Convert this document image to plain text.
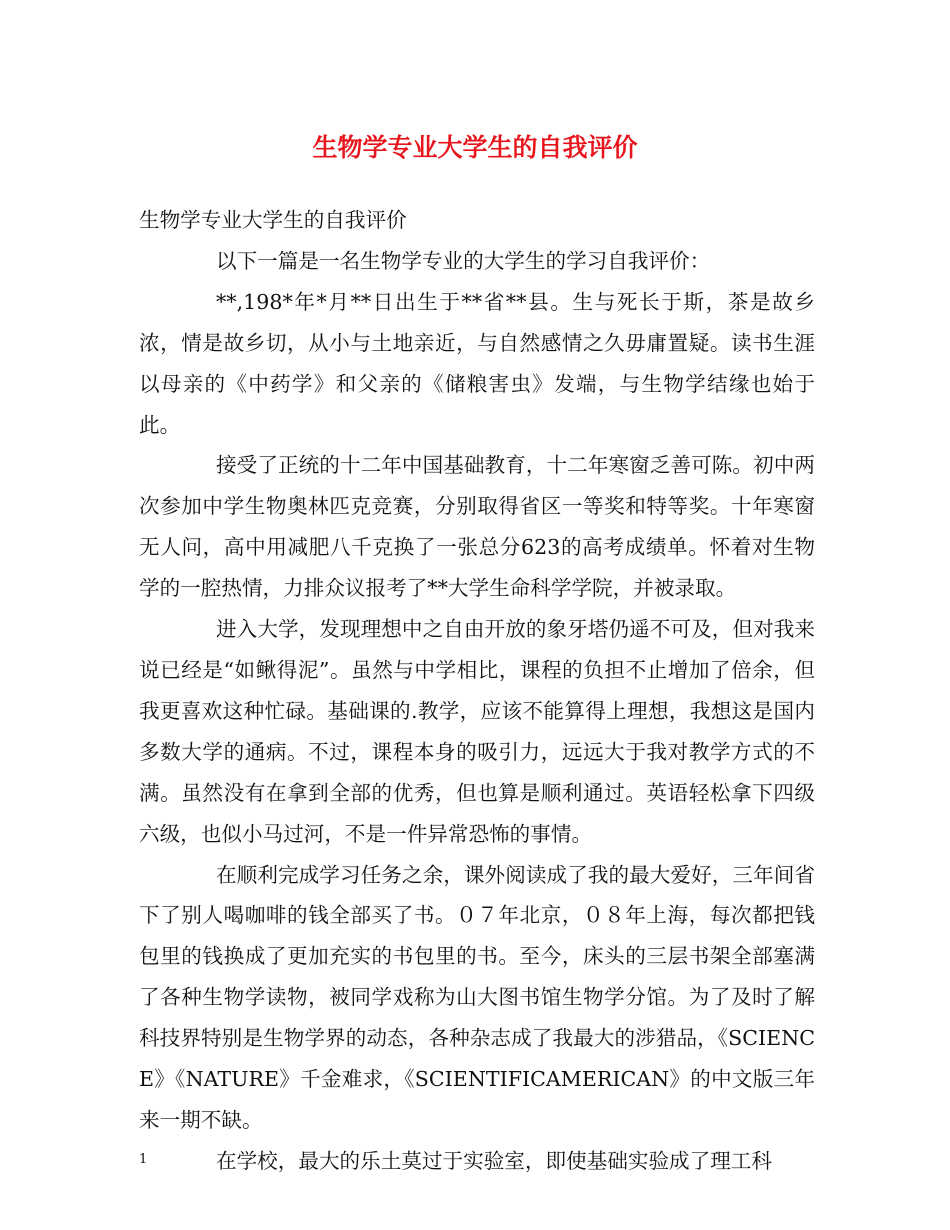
生物学专业大学生的自我评价

生物学专业大学生的自我评价

以下一篇是一名生物学专业的大学生的学习自我评价：

**,198*年*月**日出生于**省**县。生与死长于斯，茶是故乡浓，情是故乡切，从小与土地亲近，与自然感情之久毋庸置疑。读书生涯以母亲的《中药学》和父亲的《储粮害虫》发端，与生物学结缘也始于此。

接受了正统的十二年中国基础教育，十二年寒窗乏善可陈。初中两次参加中学生物奥林匹克竞赛，分别取得省区一等奖和特等奖。十年寒窗无人问，高中用减肥八千克换了一张总分623的高考成绩单。怀着对生物学的一腔热情，力排众议报考了**大学生命科学学院，并被录取。

进入大学，发现理想中之自由开放的象牙塔仍遥不可及，但对我来说已经是“如鳅得泥”。虽然与中学相比，课程的负担不止增加了倍余，但我更喜欢这种忙碌。基础课的.教学，应该不能算得上理想，我想这是国内多数大学的通病。不过，课程本身的吸引力，远远大于我对教学方式的不满。虽然没有在拿到全部的优秀，但也算是顺利通过。英语轻松拿下四级六级，也似小马过河，不是一件异常恐怖的事情。

在顺利完成学习任务之余，课外阅读成了我的最大爱好，三年间省下了别人喝咖啡的钱全部买了书。０７年北京，０８年上海，每次都把钱包里的钱换成了更加充实的书包里的书。至今，床头的三层书架全部塞满了各种生物学读物，被同学戏称为山大图书馆生物学分馆。为了及时了解科技界特别是生物学界的动态，各种杂志成了我最大的涉猎品，《SCIENCE》《NATURE》千金难求，《SCIENTIFICAMERICAN》的中文版三年来一期不缺。

在学校，最大的乐土莫过于实验室，即使基础实验成了理工科

1
